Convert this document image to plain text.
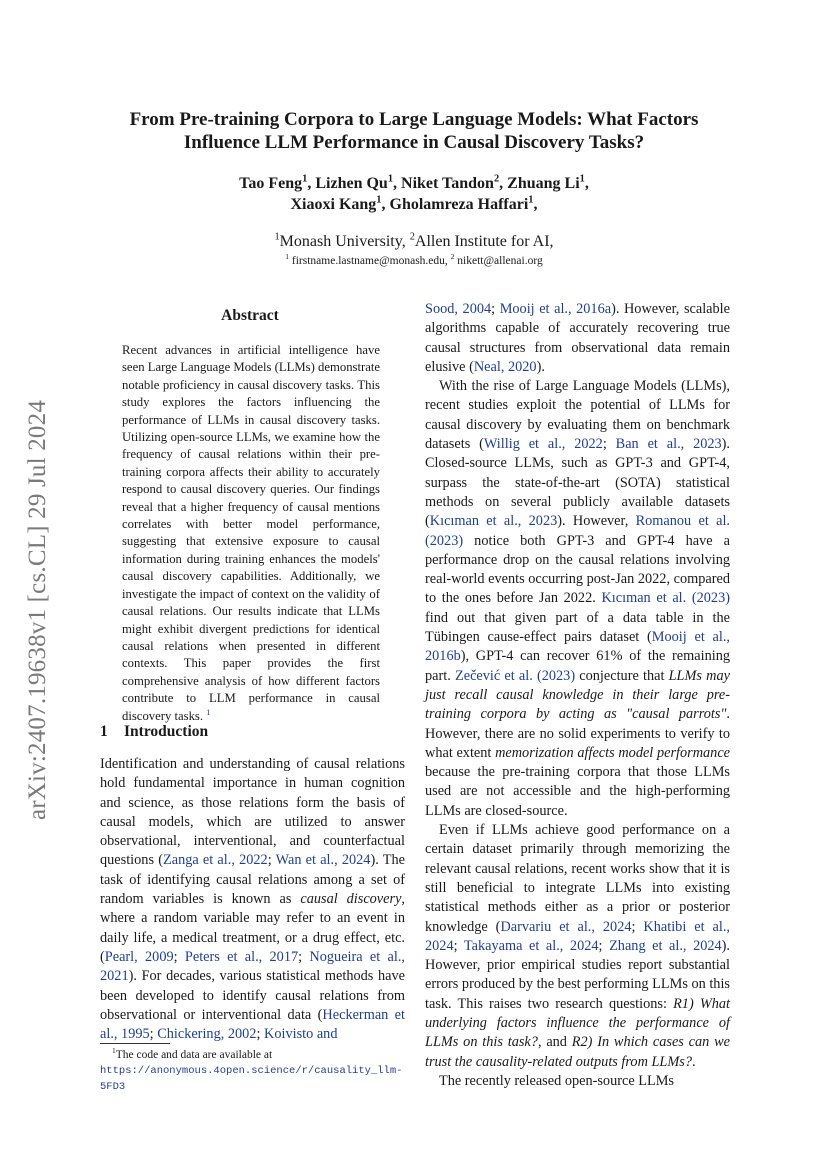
arXiv:2407.19638v1 [cs.CL] 29 Jul 2024
From Pre-training Corpora to Large Language Models: What Factors
Influence LLM Performance in Causal Discovery Tasks?
Tao Feng$^1$, Lizhen Qu$^1$, Niket Tandon$^2$, Zhuang Li$^1$,
Xiaoxi Kang$^1$, Gholamreza Haffari$^1$,
$^1$Monash University, $^2$Allen Institute for AI,
$^1$ firstname.lastname@monash.edu, $^2$ nikett@allenai.org
Abstract
Recent advances in artificial intelligence have seen Large Language Models (LLMs) demonstrate notable proficiency in causal discovery tasks. This study explores the factors influencing the performance of LLMs in causal discovery tasks. Utilizing open-source LLMs, we examine how the frequency of causal relations within their pre-training corpora affects their ability to accurately respond to causal discovery queries. Our findings reveal that a higher frequency of causal mentions correlates with better model performance, suggesting that extensive exposure to causal information during training enhances the models' causal discovery capabilities. Additionally, we investigate the impact of context on the validity of causal relations. Our results indicate that LLMs might exhibit divergent predictions for identical causal relations when presented in different contexts. This paper provides the first comprehensive analysis of how different factors contribute to LLM performance in causal discovery tasks. $^1$
1 Introduction

Identification and understanding of causal relations hold fundamental importance in human cognition and science, as those relations form the basis of causal models, which are utilized to answer observational, interventional, and counterfactual questions (Zanga et al., 2022; Wan et al., 2024). The task of identifying causal relations among a set of random variables is known as causal discovery, where a random variable may refer to an event in daily life, a medical treatment, or a drug effect, etc. (Pearl, 2009; Peters et al., 2017; Nogueira et al., 2021). For decades, various statistical methods have been developed to identify causal relations from observational or interventional data (Heckerman et al., 1995; Chickering, 2002; Koivisto and

Sood, 2004; Mooij et al., 2016a). However, scalable algorithms capable of accurately recovering true causal structures from observational data remain elusive (Neal, 2020).

With the rise of Large Language Models (LLMs), recent studies exploit the potential of LLMs for causal discovery by evaluating them on benchmark datasets (Willig et al., 2022; Ban et al., 2023). Closed-source LLMs, such as GPT-3 and GPT-4, surpass the state-of-the-art (SOTA) statistical methods on several publicly available datasets (Kıcıman et al., 2023). However, Romanou et al. (2023) notice both GPT-3 and GPT-4 have a performance drop on the causal relations involving real-world events occurring post-Jan 2022, compared to the ones before Jan 2022. Kıcıman et al. (2023) find out that given part of a data table in the Tübingen cause-effect pairs dataset (Mooij et al., 2016b), GPT-4 can recover 61% of the remaining part. Zečević et al. (2023) conjecture that LLMs may just recall causal knowledge in their large pre-training corpora by acting as "causal parrots". However, there are no solid experiments to verify to what extent memorization affects model performance because the pre-training corpora that those LLMs used are not accessible and the high-performing LLMs are closed-source.

Even if LLMs achieve good performance on a certain dataset primarily through memorizing the relevant causal relations, recent works show that it is still beneficial to integrate LLMs into existing statistical methods either as a prior or posterior knowledge (Darvariu et al., 2024; Khatibi et al., 2024; Takayama et al., 2024; Zhang et al., 2024). However, prior empirical studies report substantial errors produced by the best performing LLMs on this task. This raises two research questions: R1) What underlying factors influence the performance of LLMs on this task?, and R2) In which cases can we trust the causality-related outputs from LLMs?.

The recently released open-source LLMs

$^1$The code and data are available at https://anonymous.4open.science/r/causality_llm-5FD3
